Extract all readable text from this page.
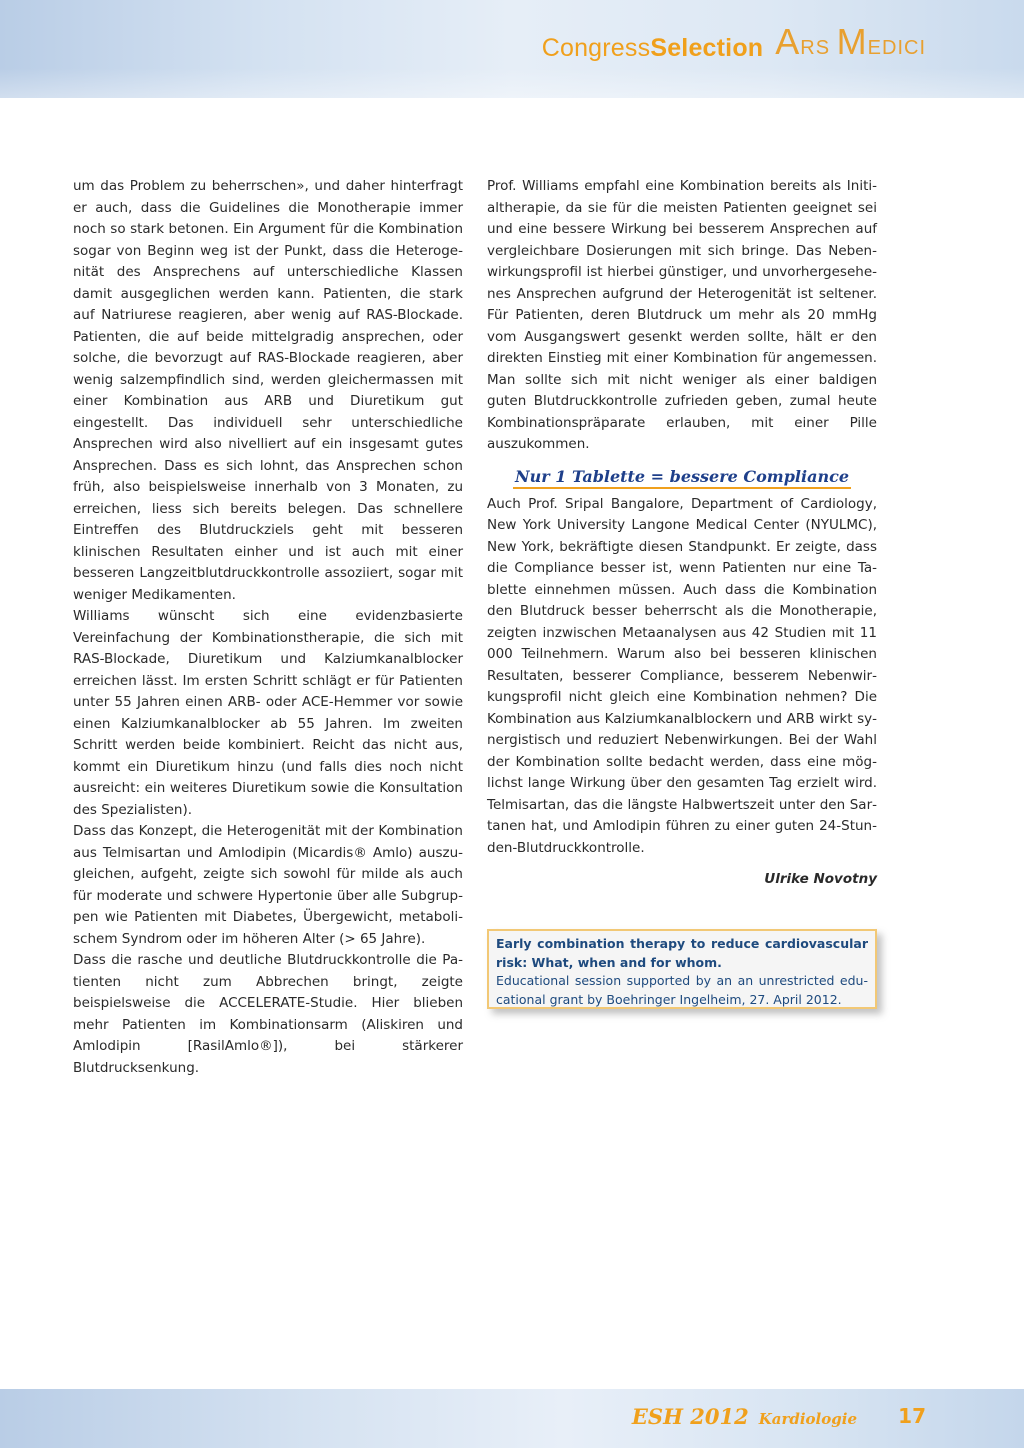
CongressSelection ARS MEDICI

um das Problem zu beherrschen», und daher hinterfragt er auch, dass die Guidelines die Monotherapie immer noch so stark betonen. Ein Argument für die Kombination sogar von Beginn weg ist der Punkt, dass die Heterogenität des Ansprechens auf unterschiedliche Klassen damit ausgeglichen werden kann. Patienten, die stark auf Natriurese reagieren, aber wenig auf RAS-Blockade. Patienten, die auf beide mittelgradig ansprechen, oder solche, die bevorzugt auf RAS-Blockade reagieren, aber wenig salzempfindlich sind, werden gleichermassen mit einer Kombination aus ARB und Diuretikum gut eingestellt. Das individuell sehr unterschiedliche Ansprechen wird also nivelliert auf ein insgesamt gutes Ansprechen. Dass es sich lohnt, das Ansprechen schon früh, also beispielsweise innerhalb von 3 Monaten, zu erreichen, liess sich bereits belegen. Das schnellere Eintreffen des Blutdruckziels geht mit besseren klinischen Resultaten einher und ist auch mit einer besseren Langzeitblutdruckkontrolle assoziiert, sogar mit weniger Medikamenten.

Williams wünscht sich eine evidenzbasierte Vereinfachung der Kombinationstherapie, die sich mit RAS-Blockade, Diuretikum und Kalziumkanalblocker erreichen lässt. Im ersten Schritt schlägt er für Patienten unter 55 Jahren einen ARB- oder ACE-Hemmer vor sowie einen Kalziumkanalblocker ab 55 Jahren. Im zweiten Schritt werden beide kombiniert. Reicht das nicht aus, kommt ein Diuretikum hinzu (und falls dies noch nicht ausreicht: ein weiteres Diuretikum sowie die Konsultation des Spezialisten).

Dass das Konzept, die Heterogenität mit der Kombination aus Telmisartan und Amlodipin (Micardis® Amlo) auszugleichen, aufgeht, zeigte sich sowohl für milde als auch für moderate und schwere Hypertonie über alle Subgruppen wie Patienten mit Diabetes, Übergewicht, metabolischem Syndrom oder im höheren Alter (> 65 Jahre).

Dass die rasche und deutliche Blutdruckkontrolle die Patienten nicht zum Abbrechen bringt, zeigte beispielsweise die ACCELERATE-Studie. Hier blieben mehr Patienten im Kombinationsarm (Aliskiren und Amlodipin [RasilAmlo®]), bei stärkerer Blutdrucksenkung.

Prof. Williams empfahl eine Kombination bereits als Initialtherapie, da sie für die meisten Patienten geeignet sei und eine bessere Wirkung bei besserem Ansprechen auf vergleichbare Dosierungen mit sich bringe. Das Nebenwirkungsprofil ist hierbei günstiger, und unvorhergesehenes Ansprechen aufgrund der Heterogenität ist seltener. Für Patienten, deren Blutdruck um mehr als 20 mmHg vom Ausgangswert gesenkt werden sollte, hält er den direkten Einstieg mit einer Kombination für angemessen. Man sollte sich mit nicht weniger als einer baldigen guten Blutdruckkontrolle zufrieden geben, zumal heute Kombinationspräparate erlauben, mit einer Pille auszukommen.

Nur 1 Tablette = bessere Compliance

Auch Prof. Sripal Bangalore, Department of Cardiology, New York University Langone Medical Center (NYULMC), New York, bekräftigte diesen Standpunkt. Er zeigte, dass die Compliance besser ist, wenn Patienten nur eine Tablette einnehmen müssen. Auch dass die Kombination den Blutdruck besser beherrscht als die Monotherapie, zeigten inzwischen Metaanalysen aus 42 Studien mit 11 000 Teilnehmern. Warum also bei besseren klinischen Resultaten, besserer Compliance, besserem Nebenwirkungsprofil nicht gleich eine Kombination nehmen? Die Kombination aus Kalziumkanalblockern und ARB wirkt synergistisch und reduziert Nebenwirkungen. Bei der Wahl der Kombination sollte bedacht werden, dass eine möglichst lange Wirkung über den gesamten Tag erzielt wird. Telmisartan, das die längste Halbwertszeit unter den Sartanen hat, und Amlodipin führen zu einer guten 24-Stunden-Blutdruckkontrolle.

Ulrike Novotny
Early combination therapy to reduce cardiovascular risk: What, when and for whom.
Educational session supported by an an unrestricted educational grant by Boehringer Ingelheim, 27. April 2012.
ESH 2012 Kardiologie 17
